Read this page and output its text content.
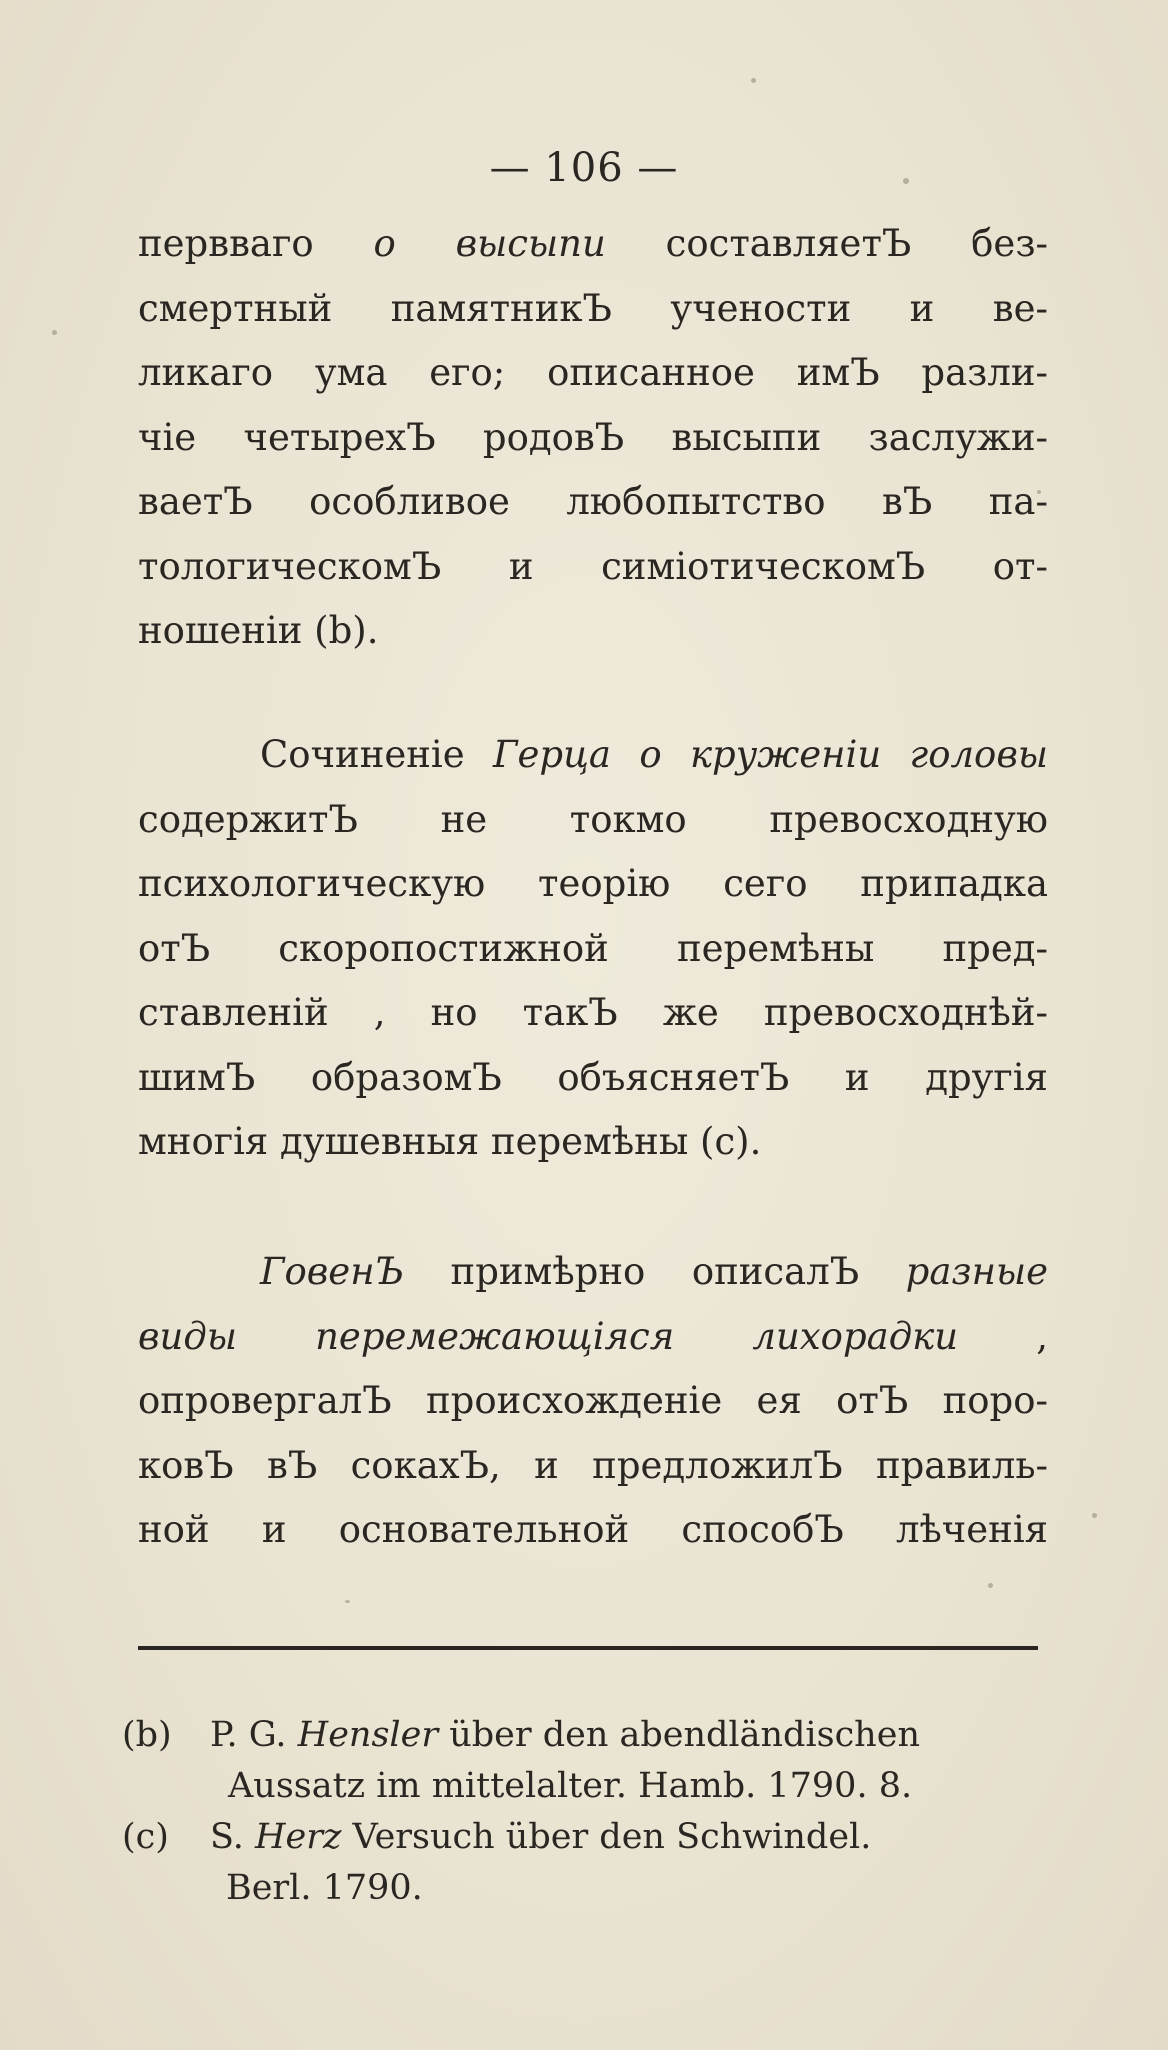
— 106 —
первваго о высыпи составляетЪ без-
смертный памятникЪ учености и ве-
ликаго ума его; описанное имЪ разли-
чіе четырехЪ родовЪ высыпи заслужи-
ваетЪ особливое любопытство вЪ па-
тологическомЪ и симіотическомЪ от-
ношеніи (b).
Сочиненіе Герца о круженіи головы
содержитЪ не токмо превосходную
психологическую теорію сего припадка
отЪ скоропостижной перемѣны пред-
ставленій , но такЪ же превосходнѣй-
шимЪ образомЪ объясняетЪ и другія
многія душевныя перемѣны (с).
ГовенЪ примѣрно описалЪ разные
виды перемежающіяся лихорадки ,
опровергалЪ происхожденіе ея отЪ поро-
ковЪ вЪ сокахЪ, и предложилЪ правиль-
ной и основательной способЪ лѣченія
(b) P. G. Hensler über den abendländischen
Aussatz im mittelalter. Hamb. 1790. 8.
(c) S. Herz Versuch über den Schwindel.
Berl. 1790.
